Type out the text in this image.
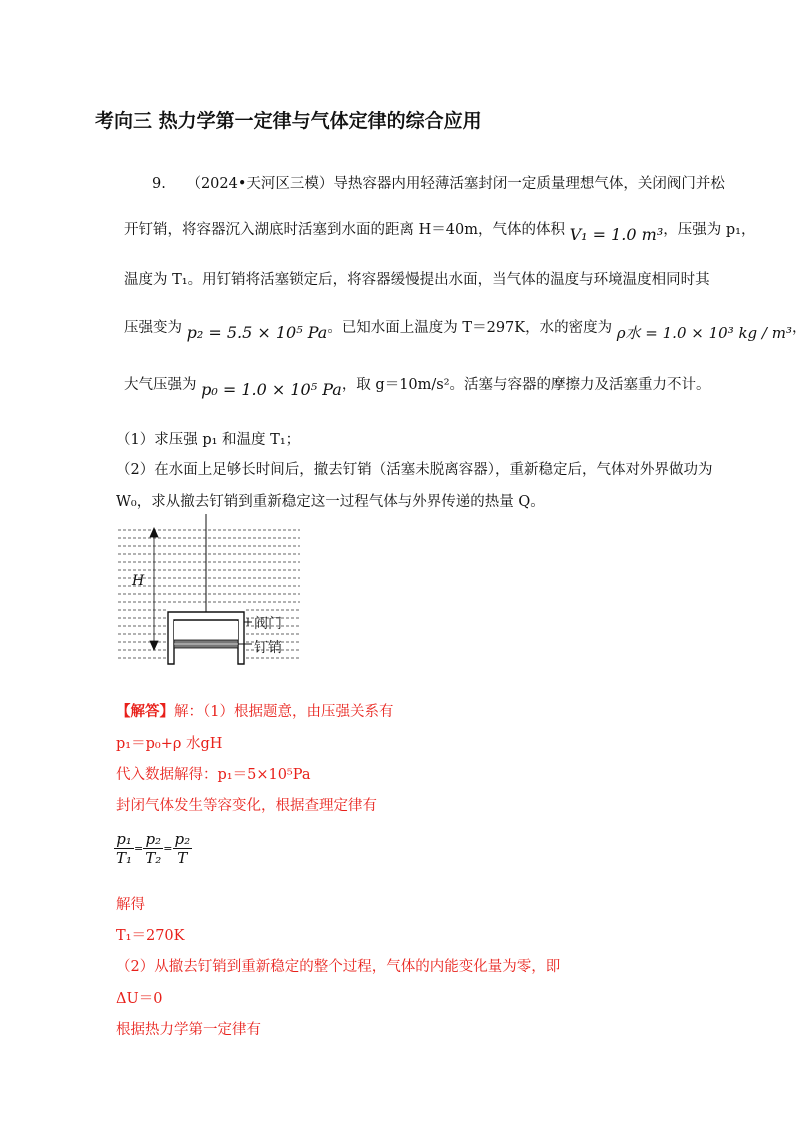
考向三 热力学第一定律与气体定律的综合应用
9. （2024•天河区三模）导热容器内用轻薄活塞封闭一定质量理想气体，关闭阀门并松
开钉销，将容器沉入湖底时活塞到水面的距离 H＝40m，气体的体积 V₁ = 1.0 m³，压强为 p₁，
温度为 T₁。用钉销将活塞锁定后，将容器缓慢提出水面，当气体的温度与环境温度相同时其
压强变为 p₂ = 5.5 × 10⁵ Pa。已知水面上温度为 T＝297K，水的密度为 ρ水 = 1.0 × 10³ kg / m³，
大气压强为 p₀ = 1.0 × 10⁵ Pa，取 g＝10m/s²。活塞与容器的摩擦力及活塞重力不计。
（1）求压强 p₁ 和温度 T₁；
（2）在水面上足够长时间后，撤去钉销（活塞未脱离容器），重新稳定后，气体对外界做功为
W₀，求从撤去钉销到重新稳定这一过程气体与外界传递的热量 Q。
H
阀门
钉销
【解答】解：（1）根据题意，由压强关系有
p₁＝p₀+ρ 水gH
代入数据解得：p₁＝5×10⁵Pa
封闭气体发生等容变化，根据查理定律有
$\frac{\text{p₁}}{\text{T₁}} = \frac{\text{p₂}}{\text{T₂}} = \frac{\text{p₂}}{T}$
解得
T₁＝270K
（2）从撤去钉销到重新稳定的整个过程，气体的内能变化量为零，即
ΔU＝0
根据热力学第一定律有
